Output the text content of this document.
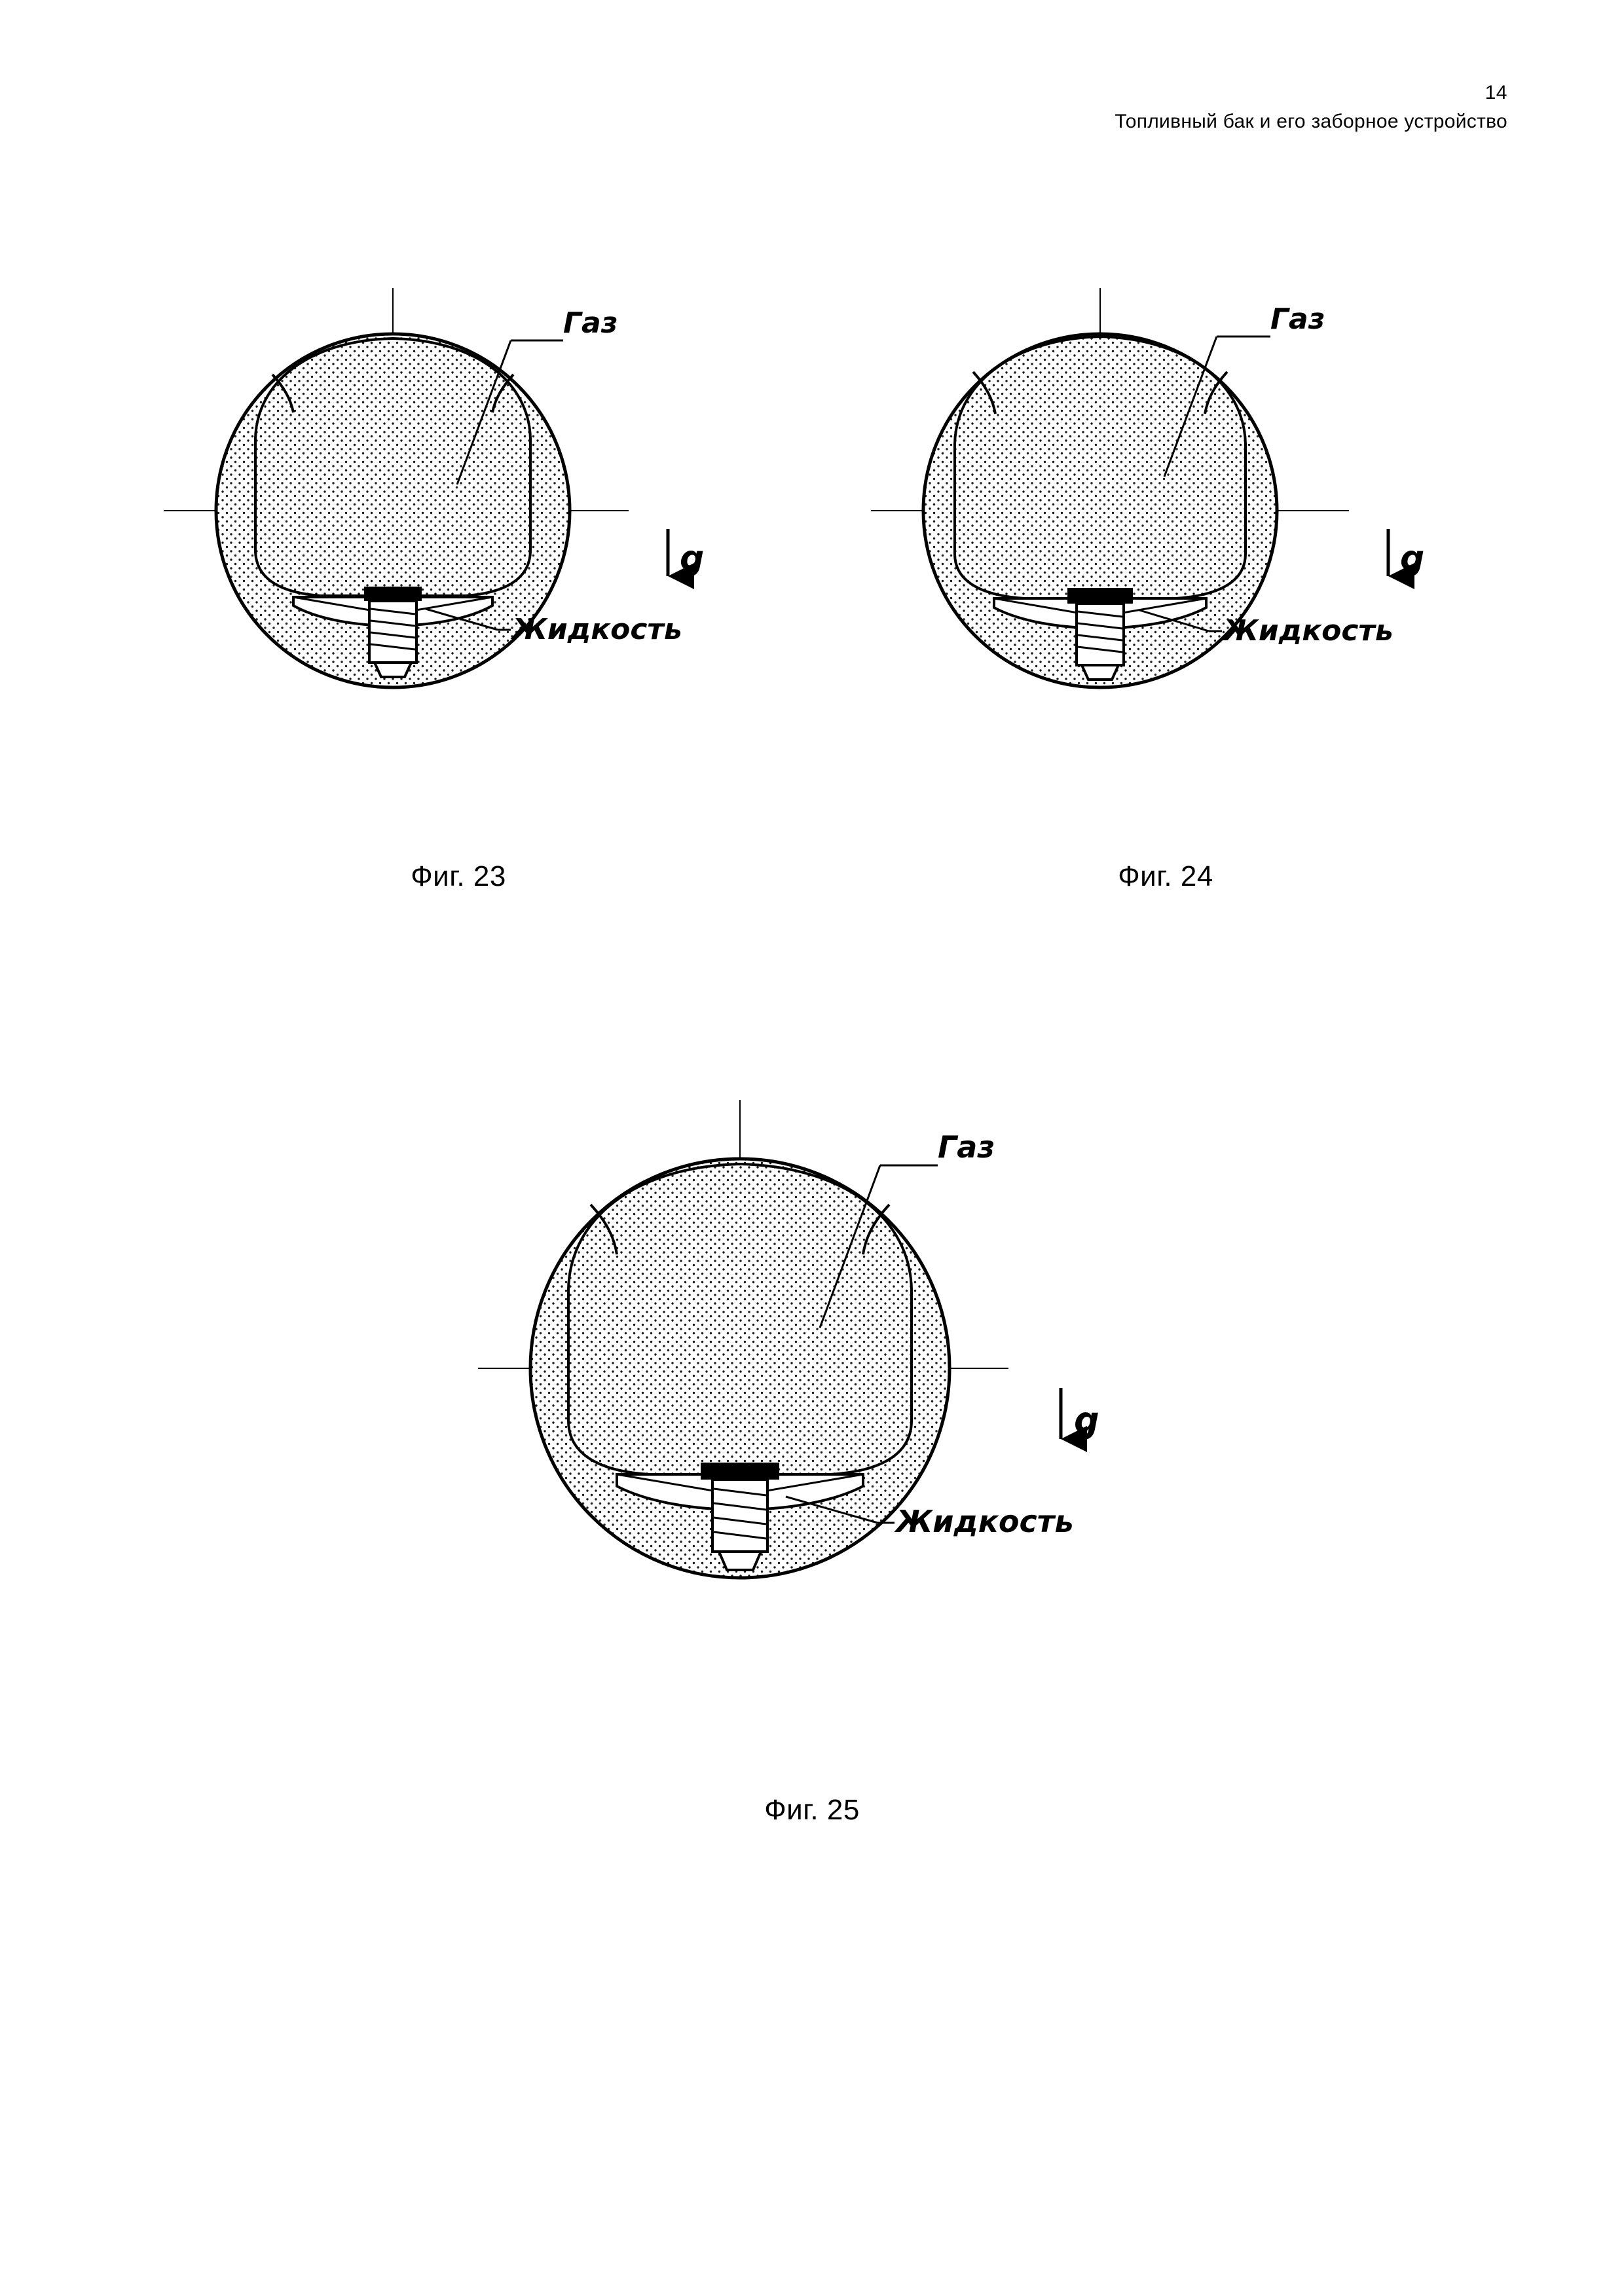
14
Топливный бак и его заборное устройство
Газ
Жидкость
g
Фиг. 23
Газ
Жидкость
g
Фиг. 24
Газ
Жидкость
g
Фиг. 25
